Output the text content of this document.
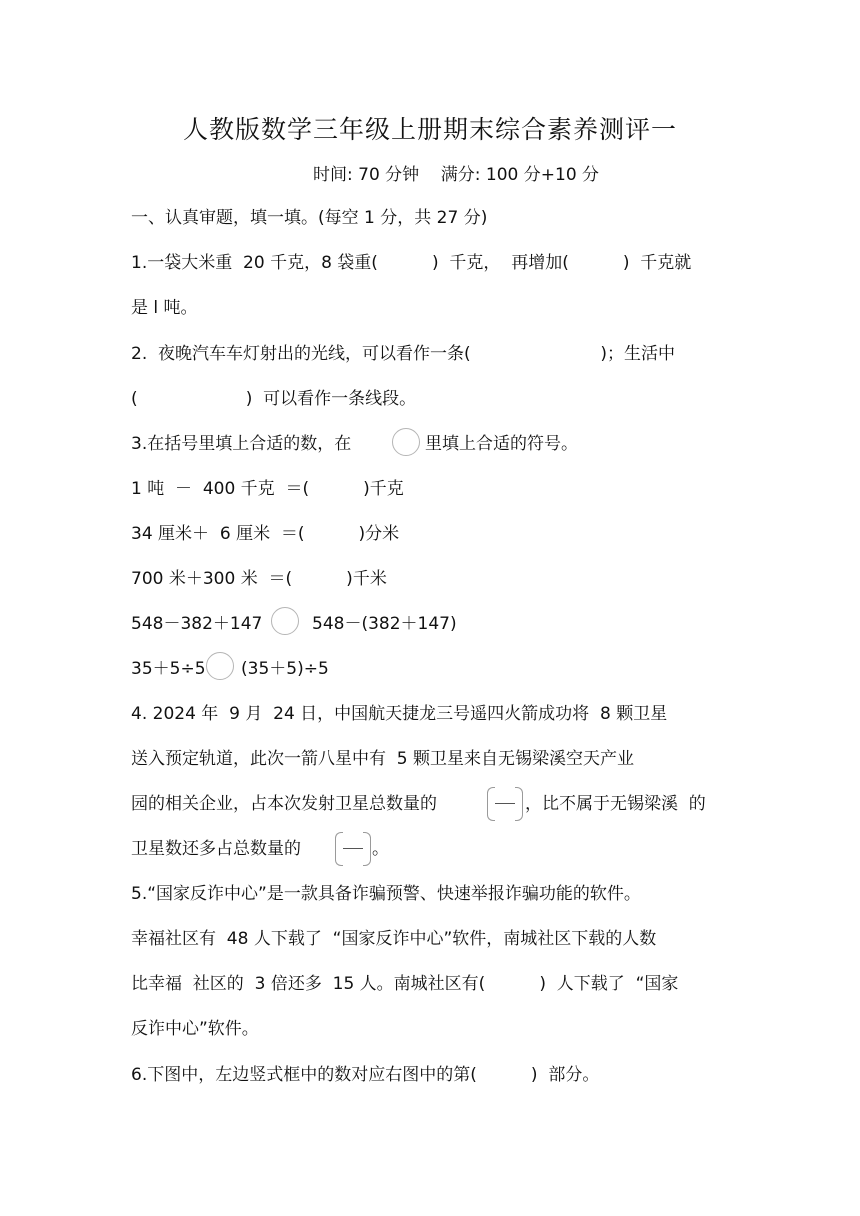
人教版数学三年级上册期末综合素养测评一
时间: 70 分钟    满分: 100 分+10 分
一、认真审题，填一填。(每空 1 分，共 27 分)
1.一袋大米重  20 千克，8 袋重(          )  千克，  再增加(          )  千克就
是 l 吨。
2.  夜晚汽车车灯射出的光线，可以看作一条(                        )；生活中
(                    )  可以看作一条线段。
3.在括号里填上合适的数，在	里填上合适的符号。
1 吨  －  400 千克  ＝(          )千克
34 厘米＋  6 厘米  ＝(          )分米
700 米＋300 米  ＝(          )千米
548－382＋147	548－(382＋147)
35＋5÷5 (35＋5)÷5
4. 2024 年  9 月  24 日，中国航天捷龙三号遥四火箭成功将  8 颗卫星
送入预定轨道，此次一箭八星中有  5 颗卫星来自无锡梁溪空天产业
园的相关企业，占本次发射卫星总数量的	，比不属于无锡梁溪  的
卫星数还多占总数量的	。
5.“国家反诈中心”是一款具备诈骗预警、快速举报诈骗功能的软件。
幸福社区有  48 人下载了  “国家反诈中心”软件，南城社区下载的人数
比幸福  社区的  3 倍还多  15 人。南城社区有(          )  人下载了  “国家
反诈中心”软件。
6.下图中，左边竖式框中的数对应右图中的第(          )  部分。
